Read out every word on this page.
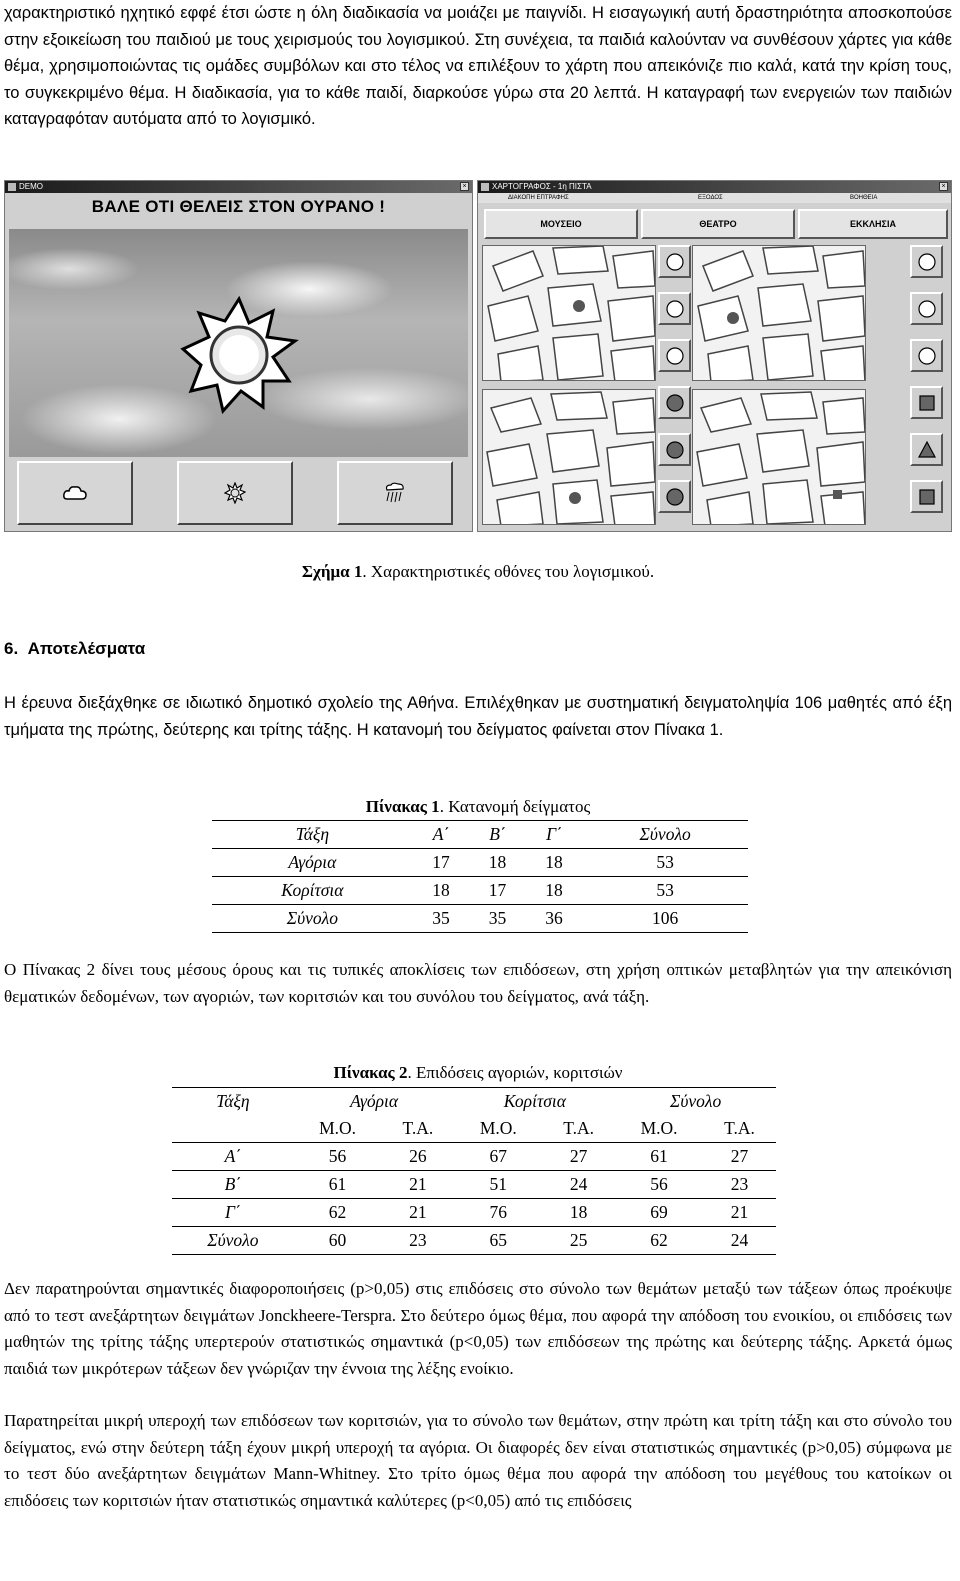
χαρακτηριστικό ηχητικό εφφέ έτσι ώστε η όλη διαδικασία να μοιάζει με παιγνίδι. Η εισαγωγική αυτή δραστηριότητα αποσκοπούσε στην εξοικείωση του παιδιού με τους χειρισμούς του λογισμικού. Στη συνέχεια, τα παιδιά καλούνταν να συνθέσουν χάρτες για κάθε θέμα, χρησιμοποιώντας τις ομάδες συμβόλων και στο τέλος να επιλέξουν το χάρτη που απεικόνιζε πιο καλά, κατά την κρίση τους, το συγκεκριμένο θέμα. Η διαδικασία, για το κάθε παιδί, διαρκούσε γύρω στα 20 λεπτά. Η καταγραφή των ενεργειών των παιδιών καταγραφόταν αυτόματα από το λογισμικό.

DEMO	×
ΒΑΛΕ ΟΤΙ ΘΕΛΕΙΣ ΣΤΟΝ ΟΥΡΑΝΟ !
ΧΑΡΤΟΓΡΑΦΟΣ - 1η ΠΙΣΤΑ	×
ΔΙΑΚΟΠΗ ΕΠΤΡΑΦΗΣ	ΕΞΟΔΟΣ	ΒΟΗΘΕΙΑ
ΜΟΥΣΕΙΟ	ΘΕΑΤΡΟ	ΕΚΚΛΗΣΙΑ
Σχήμα 1. Χαρακτηριστικές οθόνες του λογισμικού.
6. Αποτελέσματα

Η έρευνα διεξάχθηκε σε ιδιωτικό δημοτικό σχολείο της Αθήνα. Επιλέχθηκαν με συστηματική δειγματοληψία 106 μαθητές από έξη τμήματα της πρώτης, δεύτερης και τρίτης τάξης. Η κατανομή του δείγματος φαίνεται στον Πίνακα 1.

Πίνακας 1. Κατανομή δείγματος
Τάξη	Α΄	Β΄	Γ΄	Σύνολο
Αγόρια	17	18	18	53
Κορίτσια	18	17	18	53
Σύνολο	35	35	36	106

Ο Πίνακας 2 δίνει τους μέσους όρους και τις τυπικές αποκλίσεις των επιδόσεων, στη χρήση οπτικών μεταβλητών για την απεικόνιση θεματικών δεδομένων, των αγοριών, των κοριτσιών και του συνόλου του δείγματος, ανά τάξη.

Πίνακας 2. Επιδόσεις αγοριών, κοριτσιών
Τάξη	Αγόρια		Κορίτσια		Σύνολο	
	Μ.Ο.	Τ.Α.	Μ.Ο.	Τ.Α.	Μ.Ο.	Τ.Α.
Α΄	56	26	67	27	61	27
Β΄	61	21	51	24	56	23
Γ΄	62	21	76	18	69	21
Σύνολο	60	23	65	25	62	24

Δεν παρατηρούνται σημαντικές διαφοροποιήσεις (p>0,05) στις επιδόσεις στο σύνολο των θεμάτων μεταξύ των τάξεων όπως προέκυψε από το τεστ ανεξάρτητων δειγμάτων Jonckheere-Terspra. Στο δεύτερο όμως θέμα, που αφορά την απόδοση του ενοικίου, οι επιδόσεις των μαθητών της τρίτης τάξης υπερτερούν στατιστικώς σημαντικά (p<0,05) των επιδόσεων της πρώτης και δεύτερης τάξης. Αρκετά όμως παιδιά των μικρότερων τάξεων δεν γνώριζαν την έννοια της λέξης ενοίκιο.

Παρατηρείται μικρή υπεροχή των επιδόσεων των κοριτσιών, για το σύνολο των θεμάτων, στην πρώτη και τρίτη τάξη και στο σύνολο του δείγματος, ενώ στην δεύτερη τάξη έχουν μικρή υπεροχή τα αγόρια. Οι διαφορές δεν είναι στατιστικώς σημαντικές (p>0,05) σύμφωνα με το τεστ δύο ανεξάρτητων δειγμάτων Mann-Whitney. Στο τρίτο όμως θέμα που αφορά την απόδοση του μεγέθους του κατοίκων οι επιδόσεις των κοριτσιών ήταν στατιστικώς σημαντικά καλύτερες (p<0,05) από τις επιδόσεις
